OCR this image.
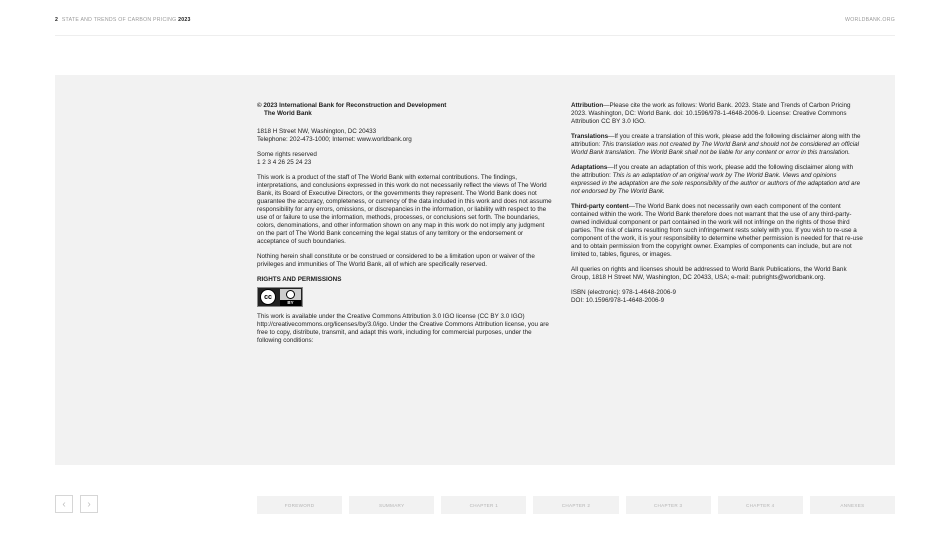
2 STATE AND TRENDS OF CARBON PRICING 2023	WORLDBANK.ORG
© 2023 International Bank for Reconstruction and Development
The World Bank

1818 H Street NW, Washington, DC 20433
Telephone: 202-473-1000; Internet: www.worldbank.org

Some rights reserved
1 2 3 4 26 25 24 23

This work is a product of the staff of The World Bank with external contributions. The findings, interpretations, and conclusions expressed in this work do not necessarily reflect the views of The World Bank, its Board of Executive Directors, or the governments they represent. The World Bank does not guarantee the accuracy, completeness, or currency of the data included in this work and does not assume responsibility for any errors, omissions, or discrepancies in the information, or liability with respect to the use of or failure to use the information, methods, processes, or conclusions set forth. The boundaries, colors, denominations, and other information shown on any map in this work do not imply any judgment on the part of The World Bank concerning the legal status of any territory or the endorsement or acceptance of such boundaries.

Nothing herein shall constitute or be construed or considered to be a limitation upon or waiver of the privileges and immunities of The World Bank, all of which are specifically reserved.

RIGHTS AND PERMISSIONS
cc
BY

This work is available under the Creative Commons Attribution 3.0 IGO license (CC BY 3.0 IGO) http://creativecommons.org/licenses/by/3.0/igo. Under the Creative Commons Attribution license, you are free to copy, distribute, transmit, and adapt this work, including for commercial purposes, under the following conditions:

Attribution—Please cite the work as follows: World Bank. 2023. State and Trends of Carbon Pricing 2023. Washington, DC: World Bank. doi: 10.1596/978-1-4648-2006-9. License: Creative Commons Attribution CC BY 3.0 IGO.

Translations—If you create a translation of this work, please add the following disclaimer along with the attribution: This translation was not created by The World Bank and should not be considered an official World Bank translation. The World Bank shall not be liable for any content or error in this translation.

Adaptations—If you create an adaptation of this work, please add the following disclaimer along with the attribution: This is an adaptation of an original work by The World Bank. Views and opinions expressed in the adaptation are the sole responsibility of the author or authors of the adaptation and are not endorsed by The World Bank.

Third-party content—The World Bank does not necessarily own each component of the content contained within the work. The World Bank therefore does not warrant that the use of any third-party-owned individual component or part contained in the work will not infringe on the rights of those third parties. The risk of claims resulting from such infringement rests solely with you. If you wish to re-use a component of the work, it is your responsibility to determine whether permission is needed for that re-use and to obtain permission from the copyright owner. Examples of components can include, but are not limited to, tables, figures, or images.

All queries on rights and licenses should be addressed to World Bank Publications, the World Bank Group, 1818 H Street NW, Washington, DC 20433, USA; e-mail: pubrights@worldbank.org.

ISBN (electronic): 978-1-4648-2006-9
DOI: 10.1596/978-1-4648-2006-9

‹ ›	FOREWORD	SUMMARY	CHAPTER 1	CHAPTER 2	CHAPTER 3	CHAPTER 4	ANNEXES
